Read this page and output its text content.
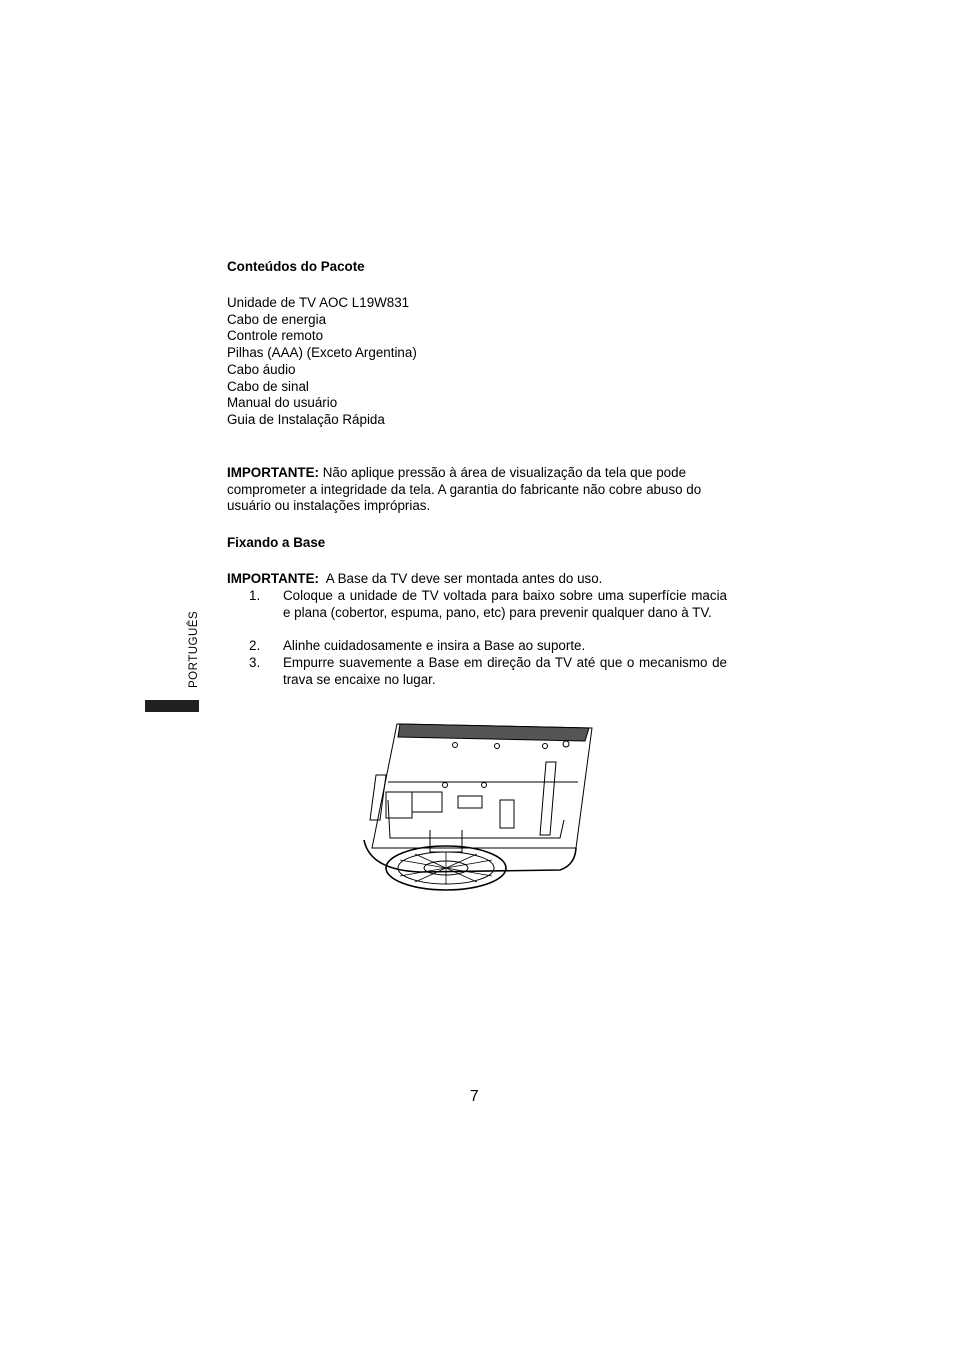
Conteúdos do Pacote
Unidade de TV AOC L19W831
Cabo de energia
Controle remoto
Pilhas (AAA) (Exceto Argentina)
Cabo áudio
Cabo de sinal
Manual do usuário
Guia de Instalação Rápida
IMPORTANTE: Não aplique pressão à área de visualização da tela que pode comprometer a integridade da tela. A garantia do fabricante não cobre abuso do usuário ou instalações impróprias.
Fixando a Base
IMPORTANTE:  A Base da TV deve ser montada antes do uso.
1. Coloque a unidade de TV voltada para baixo sobre uma superfície macia e plana (cobertor, espuma, pano, etc) para prevenir qualquer dano à TV.
2. Alinhe cuidadosamente e insira a Base ao suporte.
3. Empurre suavemente a Base em direção da TV até que o mecanismo de trava se encaixe no lugar.
PORTUGUÊS
7
